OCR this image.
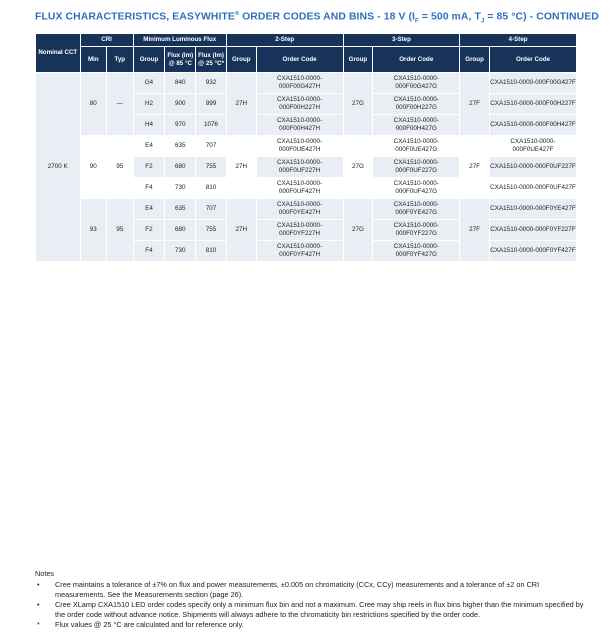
FLUX CHARACTERISTICS, EASYWHITE® ORDER CODES AND BINS - 18 V ($I_F = 500$ mA, $T_J = 85$ °C) - CONTINUED
Nominal CCT	CRI		Minimum Luminous Flux			2-Step		3-Step		4-Step	
	Min	Typ	Group	Flux (lm) @ 85 °C	Flux (lm) @ 25 °C*	Group	Order Code	Group	Order Code	Group	Order Code
2700 K	80	—	G4	840	932	27H	CXA1510-0000-000F00G427H	27G	CXA1510-0000-000F00G427G	27F	CXA1510-0000-000F00G427F
			H2	900	999		CXA1510-0000-000F00H227H		CXA1510-0000-000F00H227G		CXA1510-0000-000F00H227F
			H4	970	1076		CXA1510-0000-000F00H427H		CXA1510-0000-000F00H427G		CXA1510-0000-000F00H427F
	90	95	E4	635	707	27H	CXA1510-0000-000F0UE427H	27G	CXA1510-0000-000F0UE427G	27F	CXA1510-0000-000F0UE427F
			F2	680	755		CXA1510-0000-000F0UF227H		CXA1510-0000-000F0UF227G		CXA1510-0000-000F0UF227F
			F4	730	810		CXA1510-0000-000F0UF427H		CXA1510-0000-000F0UF427G		CXA1510-0000-000F0UF427F
	93	95	E4	635	707	27H	CXA1510-0000-000F0YE427H	27G	CXA1510-0000-000F0YE427G	27F	CXA1510-0000-000F0YE427F
			F2	680	755		CXA1510-0000-000F0YF227H		CXA1510-0000-000F0YF227G		CXA1510-0000-000F0YF227F
			F4	730	810		CXA1510-0000-000F0YF427H		CXA1510-0000-000F0YF427G		CXA1510-0000-000F0YF427F
Notes
• Cree maintains a tolerance of ±7% on flux and power measurements, ±0.005 on chromaticity (CCx, CCy) measurements and a tolerance of ±2 on CRI measurements. See the Measurements section (page 26).
• Cree XLamp CXA1510 LED order codes specify only a minimum flux bin and not a maximum. Cree may ship reels in flux bins higher than the minimum specified by the order code without advance notice. Shipments will always adhere to the chromaticity bin restrictions specified by the order code.
* Flux values @ 25 °C are calculated and for reference only.
